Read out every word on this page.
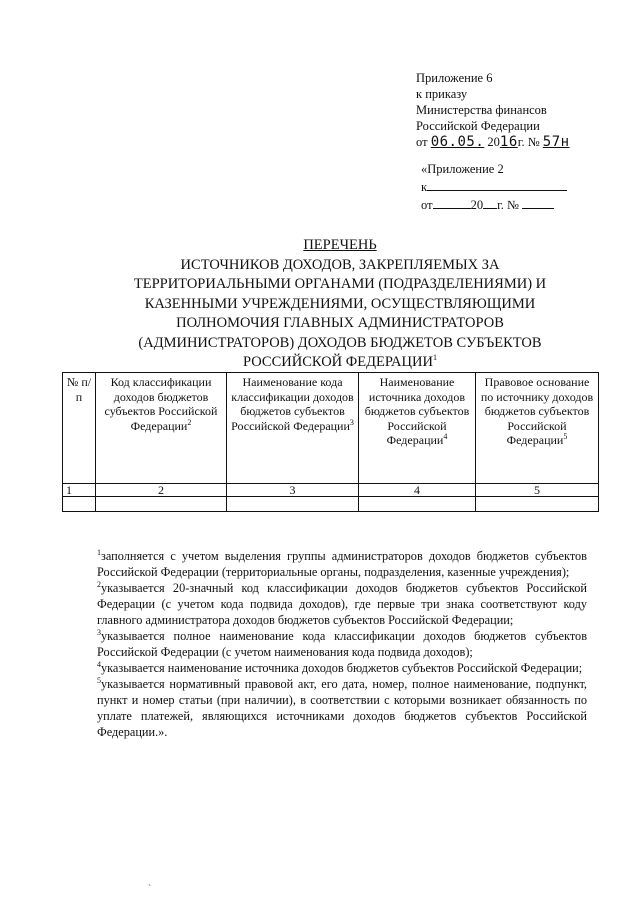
Приложение 6
к приказу
Министерства финансов
Российской Федерации
от 06.05. 2016г. № 57н
«Приложение 2
к
от	20 г. №
ПЕРЕЧЕНЬ
ИСТОЧНИКОВ ДОХОДОВ, ЗАКРЕПЛЯЕМЫХ ЗА
ТЕРРИТОРИАЛЬНЫМИ ОРГАНАМИ (ПОДРАЗДЕЛЕНИЯМИ) И
КАЗЕННЫМИ УЧРЕЖДЕНИЯМИ, ОСУЩЕСТВЛЯЮЩИМИ
ПОЛНОМОЧИЯ ГЛАВНЫХ АДМИНИСТРАТОРОВ
(АДМИНИСТРАТОРОВ) ДОХОДОВ БЮДЖЕТОВ СУБЪЕКТОВ
РОССИЙСКОЙ ФЕДЕРАЦИИ$^1$
№ п/п	Код классификации доходов бюджетов субъектов Российской Федерации$^2$	Наименование кода классификации доходов бюджетов субъектов Российской Федерации$^3$	Наименование источника доходов бюджетов субъектов Российской Федерации$^4$	Правовое основание по источнику доходов бюджетов субъектов Российской Федерации$^5$
1	2	3	4	5

$^1$заполняется с учетом выделения группы администраторов доходов бюджетов субъектов Российской Федерации (территориальные органы, подразделения, казенные учреждения);

$^2$указывается 20-значный код классификации доходов бюджетов субъектов Российской Федерации (с учетом кода подвида доходов), где первые три знака соответствуют коду главного администратора доходов бюджетов субъектов Российской Федерации;

$^3$указывается полное наименование кода классификации доходов бюджетов субъектов Российской Федерации (с учетом наименования кода подвида доходов);

$^4$указывается наименование источника доходов бюджетов субъектов Российской Федерации;

$^5$указывается нормативный правовой акт, его дата, номер, полное наименование, подпункт, пункт и номер статьи (при наличии), в соответствии с которыми возникает обязанность по уплате платежей, являющихся источниками доходов бюджетов субъектов Российской Федерации.».

ˋ
